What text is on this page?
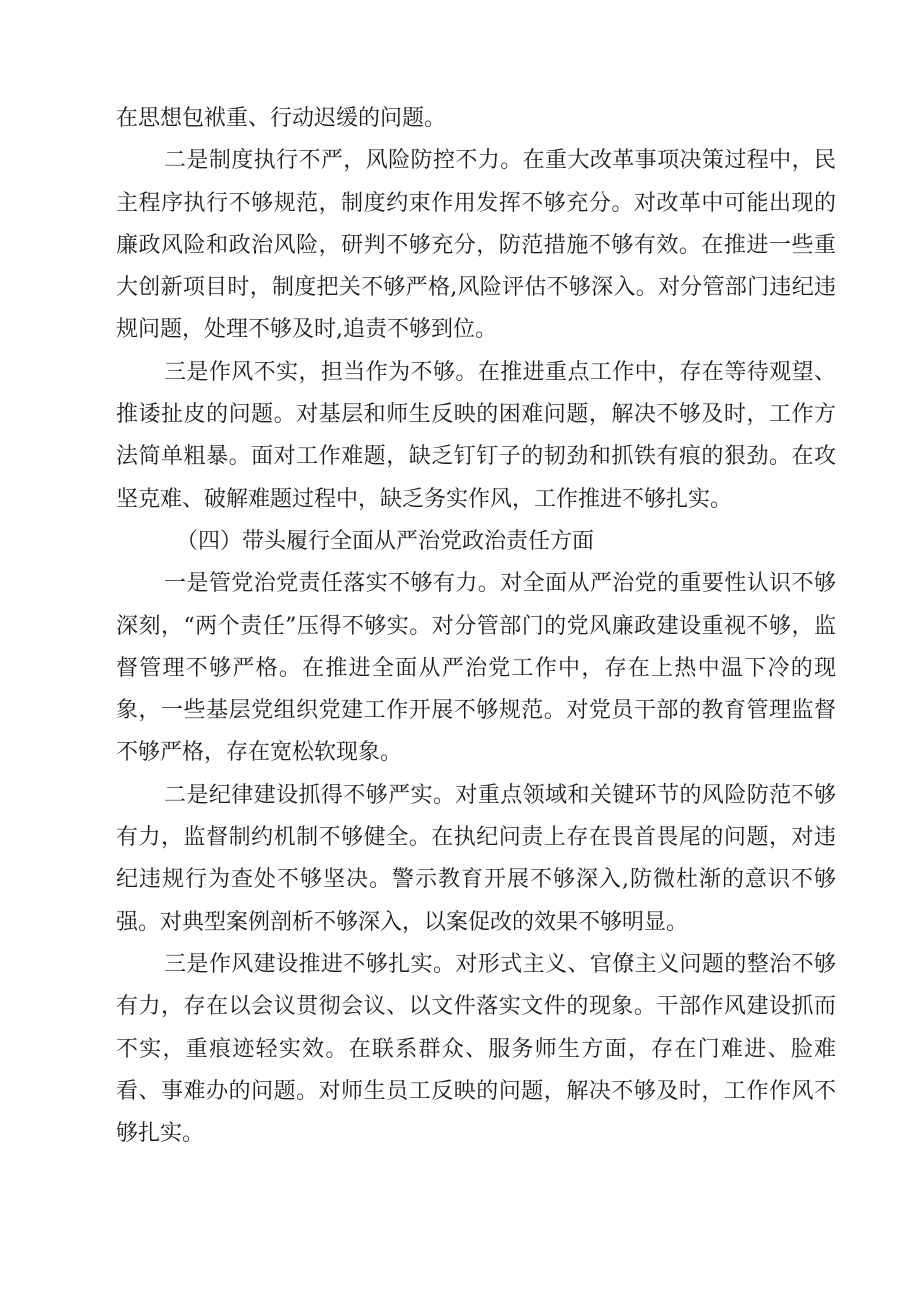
在思想包袱重、行动迟缓的问题。

二是制度执行不严，风险防控不力。在重大改革事项决策过程中，民主程序执行不够规范，制度约束作用发挥不够充分。对改革中可能出现的廉政风险和政治风险，研判不够充分，防范措施不够有效。在推进一些重大创新项目时，制度把关不够严格,风险评估不够深入。对分管部门违纪违规问题，处理不够及时,追责不够到位。

三是作风不实，担当作为不够。在推进重点工作中，存在等待观望、推诿扯皮的问题。对基层和师生反映的困难问题，解决不够及时，工作方法简单粗暴。面对工作难题，缺乏钉钉子的韧劲和抓铁有痕的狠劲。在攻坚克难、破解难题过程中，缺乏务实作风，工作推进不够扎实。

（四）带头履行全面从严治党政治责任方面

一是管党治党责任落实不够有力。对全面从严治党的重要性认识不够深刻，“两个责任”压得不够实。对分管部门的党风廉政建设重视不够，监督管理不够严格。在推进全面从严治党工作中，存在上热中温下冷的现象，一些基层党组织党建工作开展不够规范。对党员干部的教育管理监督不够严格，存在宽松软现象。

二是纪律建设抓得不够严实。对重点领域和关键环节的风险防范不够有力，监督制约机制不够健全。在执纪问责上存在畏首畏尾的问题，对违纪违规行为查处不够坚决。警示教育开展不够深入,防微杜渐的意识不够强。对典型案例剖析不够深入，以案促改的效果不够明显。

三是作风建设推进不够扎实。对形式主义、官僚主义问题的整治不够有力，存在以会议贯彻会议、以文件落实文件的现象。干部作风建设抓而不实，重痕迹轻实效。在联系群众、服务师生方面，存在门难进、脸难看、事难办的问题。对师生员工反映的问题，解决不够及时，工作作风不够扎实。
